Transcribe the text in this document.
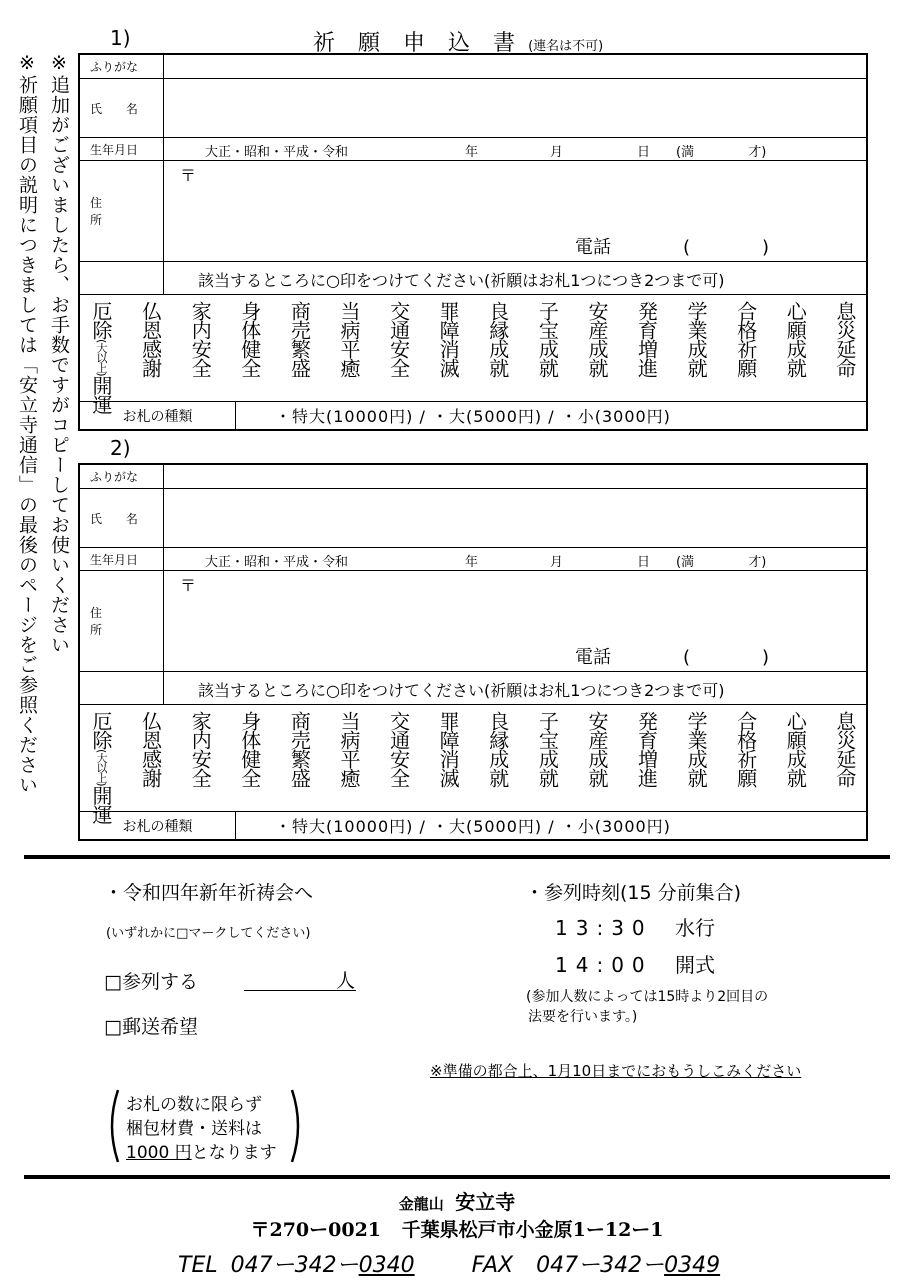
※祈願項目の説明につきましては「安立寺通信」の最後のページをご参照ください ※追加がございましたら、お手数ですがコピーしてお使いください
1)	祈 願 申 込 書 (連名は不可)
ふりがな
氏 名
生年月日	大正・昭和・平成・令和	年	月	日 (満 才)
住 所
〒
電話	(　　　　)
該当するところに○印をつけてください(祈願はお札1つにつき2つまで可)
厄除(大以上)開運
仏恩感謝 家内安全 身体健全 商売繁盛 当病平癒 交通安全 罪障消滅 良縁成就 子宝成就 安産成就 発育増進 学業成就 合格祈願 心願成就 息災延命
お札の種類	・特大(10000円) / ・大(5000円) / ・小(3000円)
2)
ふりがな
氏 名
生年月日	大正・昭和・平成・令和	年	月	日 (満 才)
住 所
〒
電話	(　　　　)
該当するところに○印をつけてください(祈願はお札1つにつき2つまで可)
厄除(大以上)開運
仏恩感謝 家内安全 身体健全 商売繁盛 当病平癒 交通安全 罪障消滅 良縁成就 子宝成就 安産成就 発育増進 学業成就 合格祈願 心願成就 息災延命
お札の種類	・特大(10000円) / ・大(5000円) / ・小(3000円)
・令和四年新年祈祷会へ
(いずれかに□マークしてください)
□参列する	人
□郵送希望
・参列時刻(15 分前集合)
13:30 水行
14:00 開式
(参加人数によっては15時より2回目の
法要を行います。)
※準備の都合上、1月10日までにおもうしこみください
お札の数に限らず
梱包材費・送料は
1000 円となります
金龍山 安立寺
〒270ー0021 千葉県松戸市小金原1ー12ー1
TEL 047ー342ー0340	FAX 047ー342ー0349
